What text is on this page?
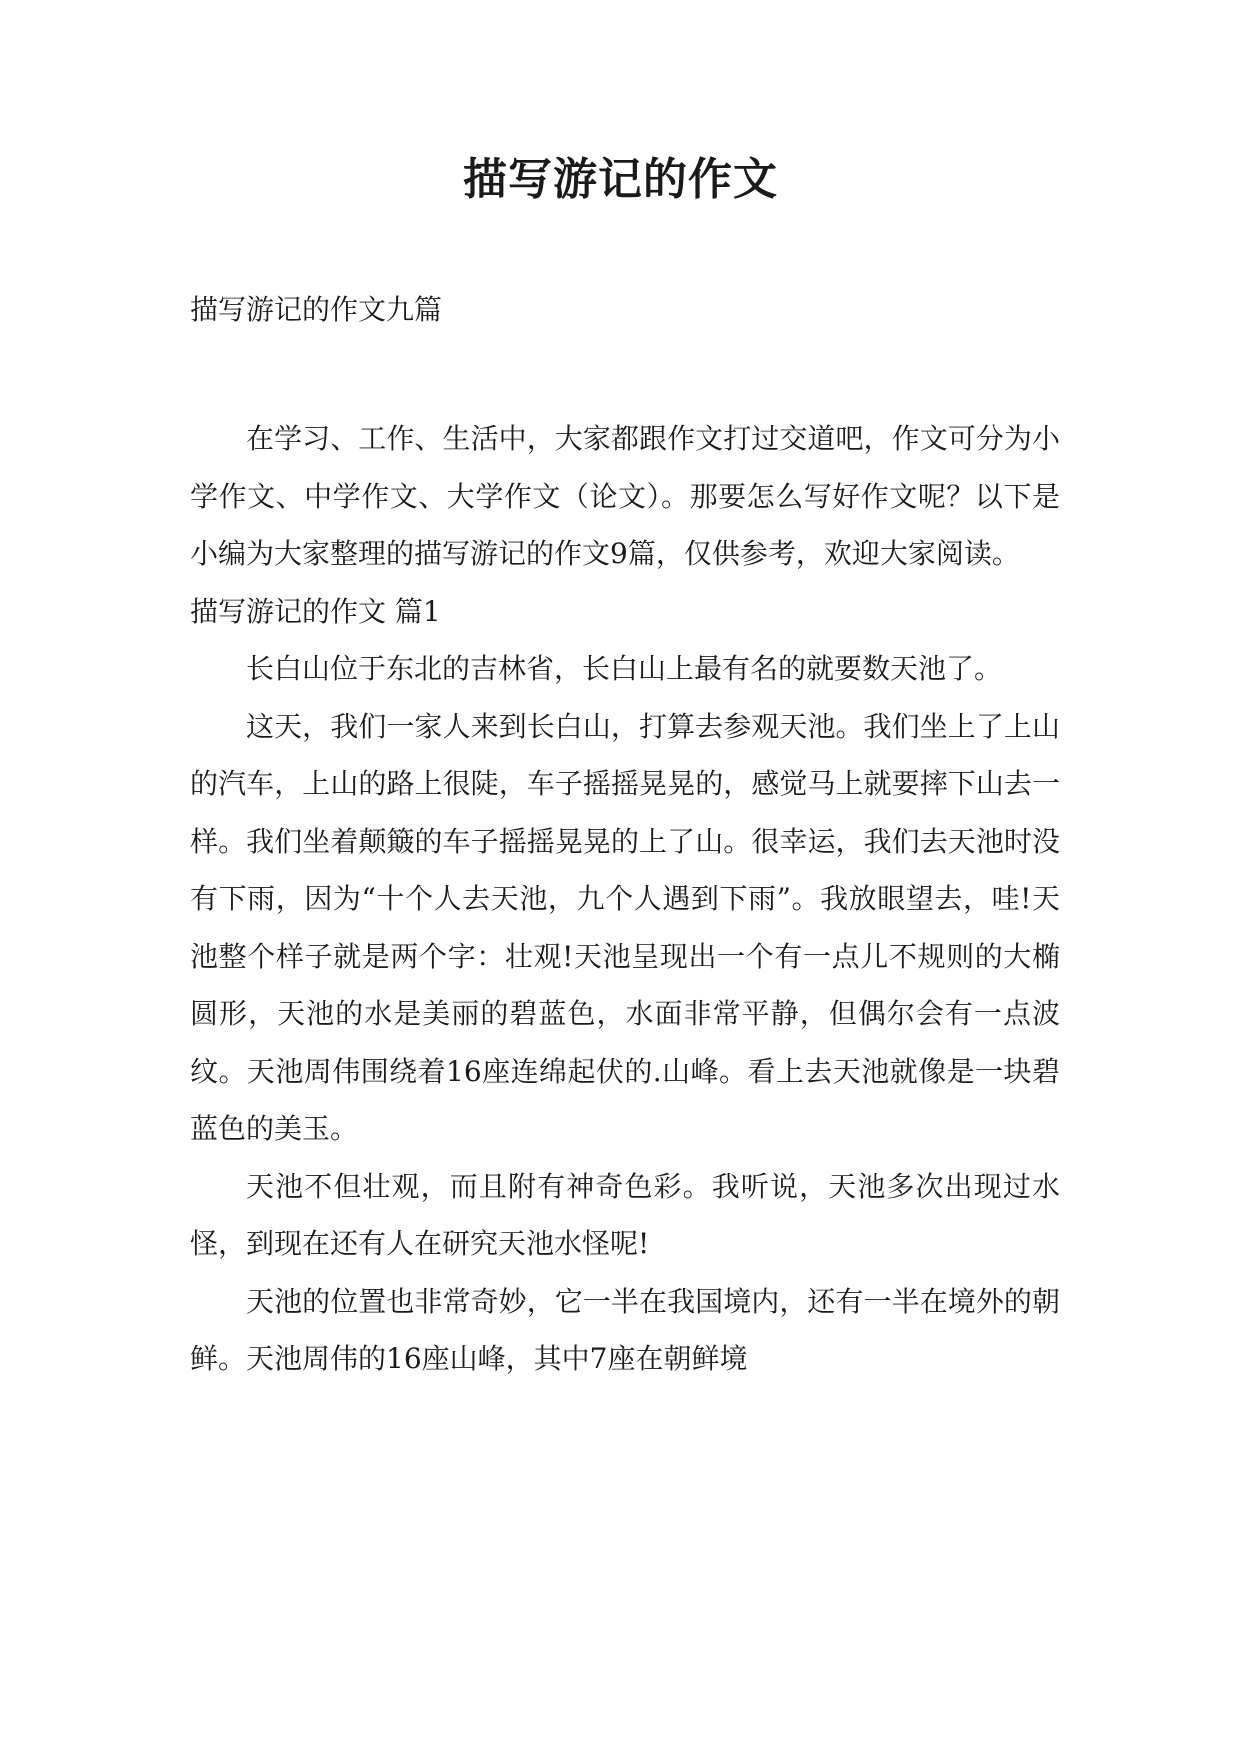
描写游记的作文
描写游记的作文九篇

在学习、工作、生活中，大家都跟作文打过交道吧，作文可分为小学作文、中学作文、大学作文（论文）。那要怎么写好作文呢？以下是小编为大家整理的描写游记的作文9篇，仅供参考，欢迎大家阅读。

描写游记的作文 篇1

长白山位于东北的吉林省，长白山上最有名的就要数天池了。

这天，我们一家人来到长白山，打算去参观天池。我们坐上了上山的汽车，上山的路上很陡，车子摇摇晃晃的，感觉马上就要摔下山去一样。我们坐着颠簸的车子摇摇晃晃的上了山。很幸运，我们去天池时没有下雨，因为“十个人去天池，九个人遇到下雨”。我放眼望去，哇!天池整个样子就是两个字：壮观!天池呈现出一个有一点儿不规则的大椭圆形，天池的水是美丽的碧蓝色，水面非常平静，但偶尔会有一点波纹。天池周伟围绕着16座连绵起伏的.山峰。看上去天池就像是一块碧蓝色的美玉。

天池不但壮观，而且附有神奇色彩。我听说，天池多次出现过水怪，到现在还有人在研究天池水怪呢!

天池的位置也非常奇妙，它一半在我国境内，还有一半在境外的朝鲜。天池周伟的16座山峰，其中7座在朝鲜境
